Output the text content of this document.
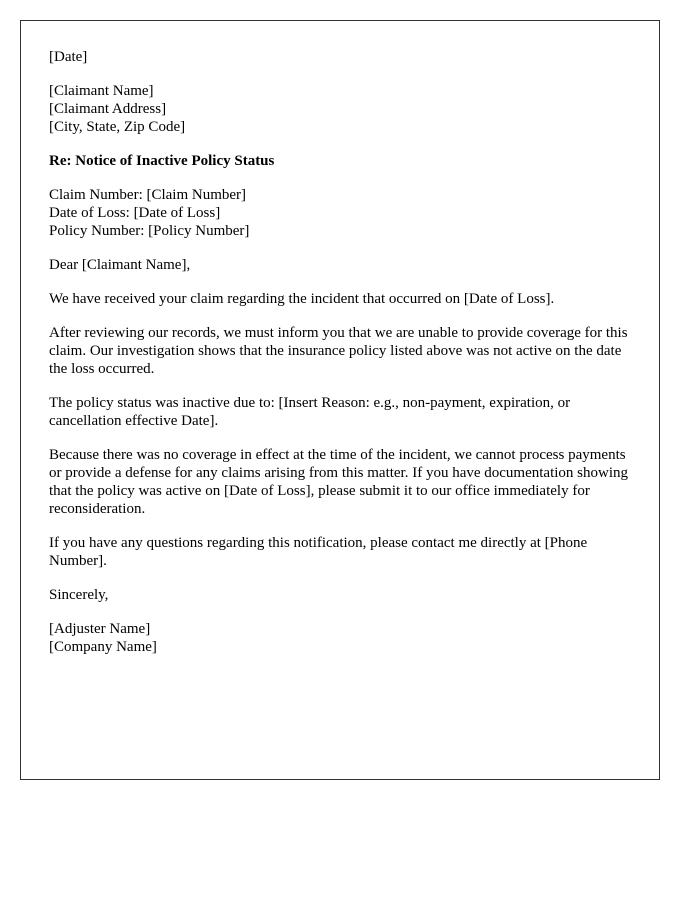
[Date]
[Claimant Name]
[Claimant Address]
[City, State, Zip Code]
Re: Notice of Inactive Policy Status
Claim Number: [Claim Number]
Date of Loss: [Date of Loss]
Policy Number: [Policy Number]
Dear [Claimant Name],

We have received your claim regarding the incident that occurred on [Date of Loss].

After reviewing our records, we must inform you that we are unable to provide coverage for this claim. Our investigation shows that the insurance policy listed above was not active on the date the loss occurred.

The policy status was inactive due to: [Insert Reason: e.g., non-payment, expiration, or cancellation effective Date].

Because there was no coverage in effect at the time of the incident, we cannot process payments or provide a defense for any claims arising from this matter. If you have documentation showing that the policy was active on [Date of Loss], please submit it to our office immediately for reconsideration.

If you have any questions regarding this notification, please contact me directly at [Phone Number].

Sincerely,
[Adjuster Name]
[Company Name]
